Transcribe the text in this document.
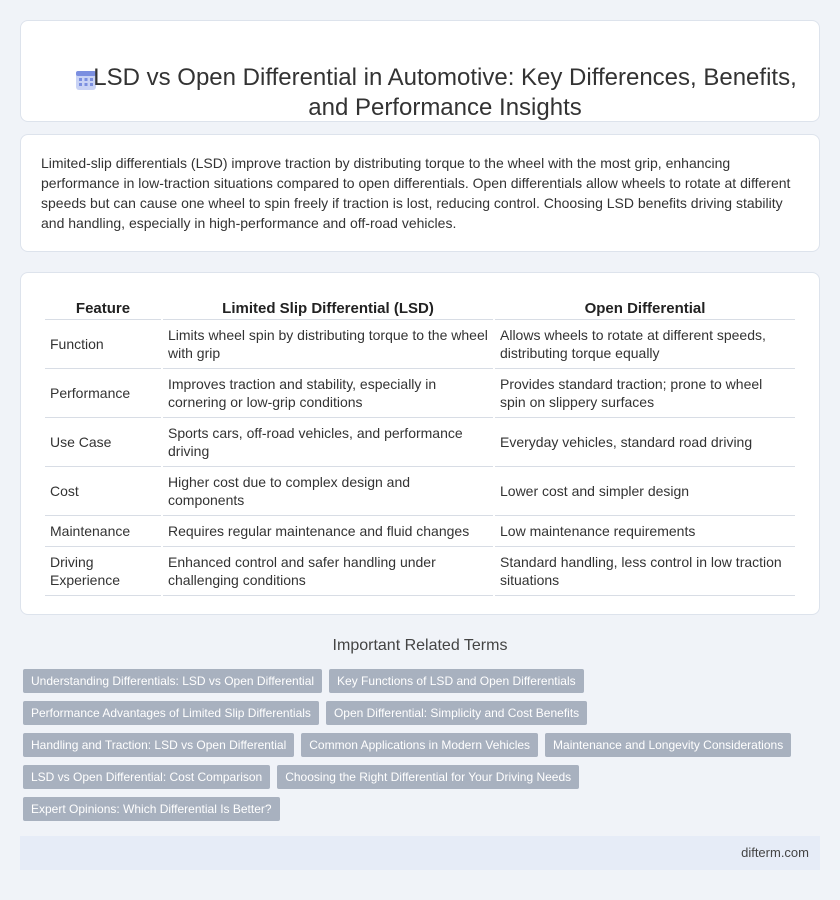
LSD vs Open Differential in Automotive: Key Differences, Benefits, and Performance Insights

Limited-slip differentials (LSD) improve traction by distributing torque to the wheel with the most grip, enhancing performance in low-traction situations compared to open differentials. Open differentials allow wheels to rotate at different speeds but can cause one wheel to spin freely if traction is lost, reducing control. Choosing LSD benefits driving stability and handling, especially in high-performance and off-road vehicles.

Feature	Limited Slip Differential (LSD)	Open Differential
Function	Limits wheel spin by distributing torque to the wheel with grip	Allows wheels to rotate at different speeds, distributing torque equally
Performance	Improves traction and stability, especially in cornering or low-grip conditions	Provides standard traction; prone to wheel spin on slippery surfaces
Use Case	Sports cars, off-road vehicles, and performance driving	Everyday vehicles, standard road driving
Cost	Higher cost due to complex design and components	Lower cost and simpler design
Maintenance	Requires regular maintenance and fluid changes	Low maintenance requirements
Driving Experience	Enhanced control and safer handling under challenging conditions	Standard handling, less control in low traction situations
Important Related Terms
Understanding Differentials: LSD vs Open Differential	Key Functions of LSD and Open Differentials
Performance Advantages of Limited Slip Differentials	Open Differential: Simplicity and Cost Benefits
Handling and Traction: LSD vs Open Differential	Common Applications in Modern Vehicles	Maintenance and Longevity Considerations
LSD vs Open Differential: Cost Comparison	Choosing the Right Differential for Your Driving Needs
Expert Opinions: Which Differential Is Better?
difterm.com
